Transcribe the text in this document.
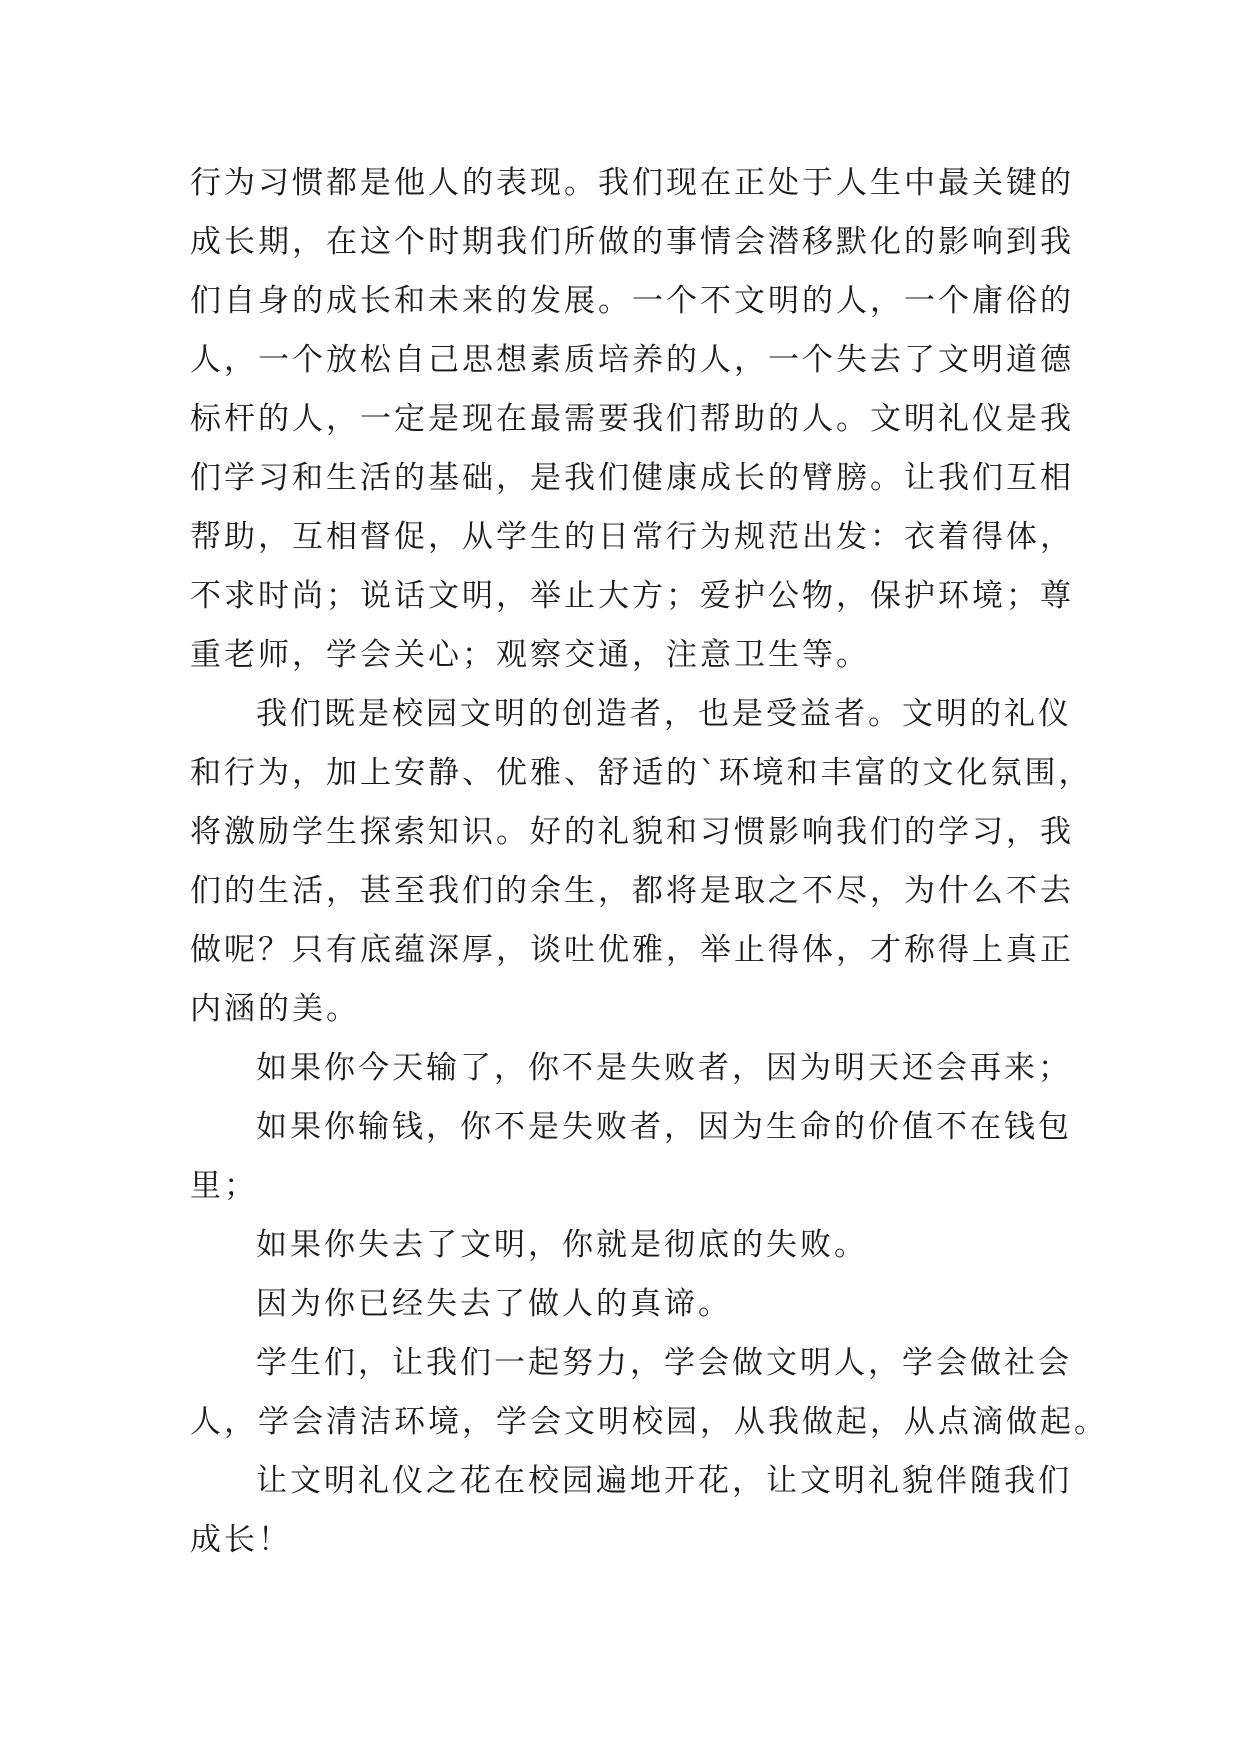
行为习惯都是他人的表现。我们现在正处于人生中最关键的
成长期，在这个时期我们所做的事情会潜移默化的影响到我
们自身的成长和未来的发展。一个不文明的人，一个庸俗的
人，一个放松自己思想素质培养的人，一个失去了文明道德
标杆的人，一定是现在最需要我们帮助的人。文明礼仪是我
们学习和生活的基础，是我们健康成长的臂膀。让我们互相
帮助，互相督促，从学生的日常行为规范出发：衣着得体，
不求时尚；说话文明，举止大方；爱护公物，保护环境；尊
重老师，学会关心；观察交通，注意卫生等。
我们既是校园文明的创造者，也是受益者。文明的礼仪
和行为，加上安静、优雅、舒适的`环境和丰富的文化氛围，
将激励学生探索知识。好的礼貌和习惯影响我们的学习，我
们的生活，甚至我们的余生，都将是取之不尽，为什么不去
做呢？只有底蕴深厚，谈吐优雅，举止得体，才称得上真正
内涵的美。
如果你今天输了，你不是失败者，因为明天还会再来；
如果你输钱，你不是失败者，因为生命的价值不在钱包
里；
如果你失去了文明，你就是彻底的失败。
因为你已经失去了做人的真谛。
学生们，让我们一起努力，学会做文明人，学会做社会
人，学会清洁环境，学会文明校园，从我做起，从点滴做起。
让文明礼仪之花在校园遍地开花，让文明礼貌伴随我们
成长！
